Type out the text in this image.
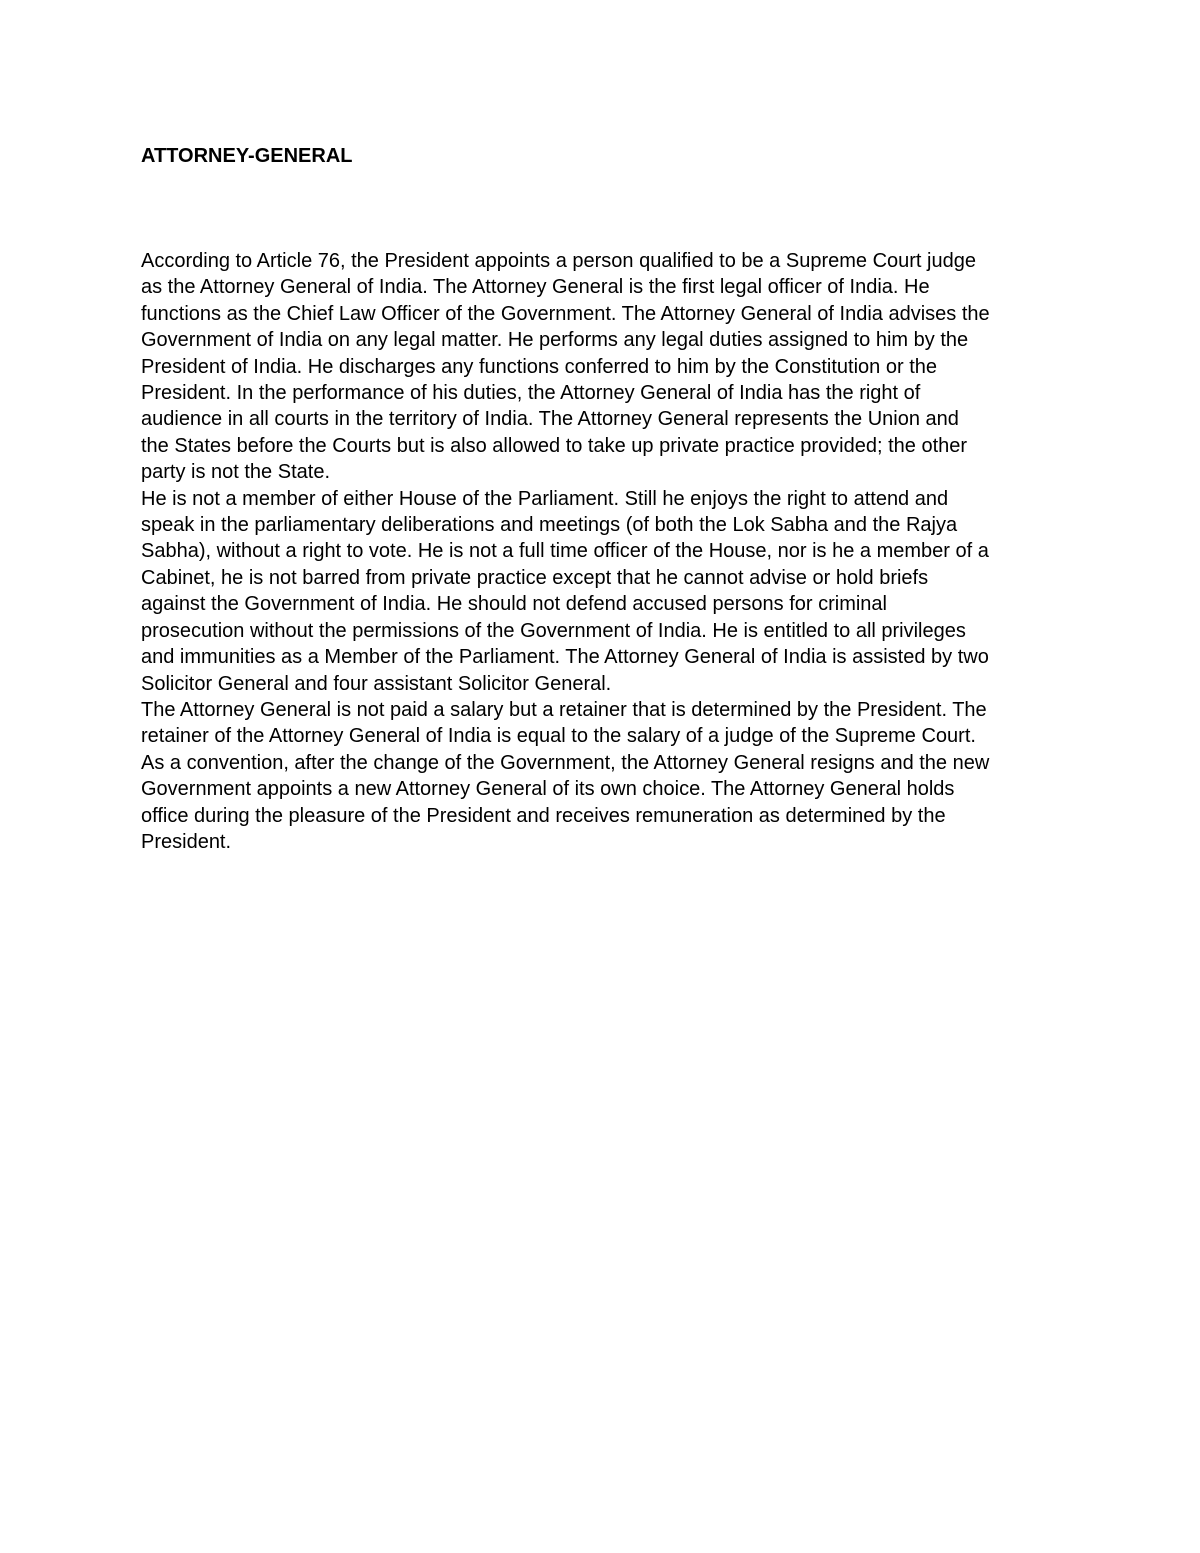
ATTORNEY-GENERAL
According to Article 76, the President appoints a person qualified to be a Supreme Court judge
as the Attorney General of India. The Attorney General is the first legal officer of India. He
functions as the Chief Law Officer of the Government. The Attorney General of India advises the
Government of India on any legal matter. He performs any legal duties assigned to him by the
President of India. He discharges any functions conferred to him by the Constitution or the
President. In the performance of his duties, the Attorney General of India has the right of
audience in all courts in the territory of India. The Attorney General represents the Union and
the States before the Courts but is also allowed to take up private practice provided; the other
party is not the State.
He is not a member of either House of the Parliament. Still he enjoys the right to attend and
speak in the parliamentary deliberations and meetings (of both the Lok Sabha and the Rajya
Sabha), without a right to vote. He is not a full time officer of the House, nor is he a member of a
Cabinet, he is not barred from private practice except that he cannot advise or hold briefs
against the Government of India. He should not defend accused persons for criminal
prosecution without the permissions of the Government of India. He is entitled to all privileges
and immunities as a Member of the Parliament. The Attorney General of India is assisted by two
Solicitor General and four assistant Solicitor General.
The Attorney General is not paid a salary but a retainer that is determined by the President. The
retainer of the Attorney General of India is equal to the salary of a judge of the Supreme Court.
As a convention, after the change of the Government, the Attorney General resigns and the new
Government appoints a new Attorney General of its own choice. The Attorney General holds
office during the pleasure of the President and receives remuneration as determined by the
President.
